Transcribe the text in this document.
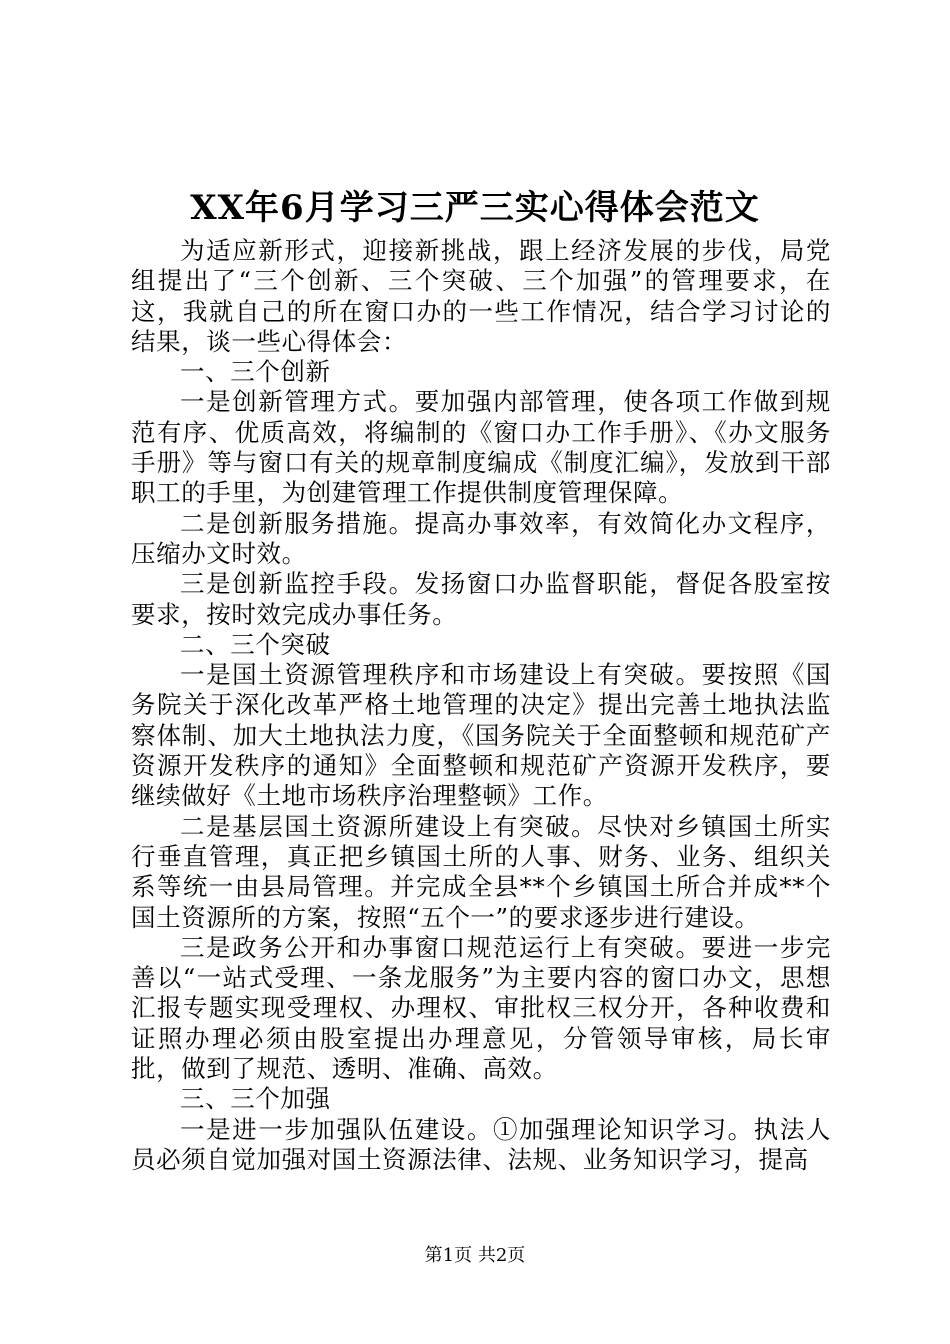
XX年6月学习三严三实心得体会范文

为适应新形式，迎接新挑战，跟上经济发展的步伐，局党组提出了“三个创新、三个突破、三个加强”的管理要求，在这，我就自己的所在窗口办的一些工作情况，结合学习讨论的结果，谈一些心得体会：

一、三个创新

一是创新管理方式。要加强内部管理，使各项工作做到规范有序、优质高效，将编制的《窗口办工作手册》、《办文服务手册》等与窗口有关的规章制度编成《制度汇编》，发放到干部职工的手里，为创建管理工作提供制度管理保障。

二是创新服务措施。提高办事效率，有效简化办文程序，压缩办文时效。

三是创新监控手段。发扬窗口办监督职能，督促各股室按要求，按时效完成办事任务。

二、三个突破

一是国土资源管理秩序和市场建设上有突破。要按照《国务院关于深化改革严格土地管理的决定》提出完善土地执法监察体制、加大土地执法力度，《国务院关于全面整顿和规范矿产资源开发秩序的通知》全面整顿和规范矿产资源开发秩序，要继续做好《土地市场秩序治理整顿》工作。

二是基层国土资源所建设上有突破。尽快对乡镇国土所实行垂直管理，真正把乡镇国土所的人事、财务、业务、组织关系等统一由县局管理。并完成全县**个乡镇国土所合并成**个国土资源所的方案，按照“五个一”的要求逐步进行建设。

三是政务公开和办事窗口规范运行上有突破。要进一步完善以“一站式受理、一条龙服务”为主要内容的窗口办文，思想汇报专题实现受理权、办理权、审批权三权分开，各种收费和证照办理必须由股室提出办理意见，分管领导审核，局长审批，做到了规范、透明、准确、高效。

三、三个加强

一是进一步加强队伍建设。①加强理论知识学习。执法人员必须自觉加强对国土资源法律、法规、业务知识学习，提高

第1页 共2页
